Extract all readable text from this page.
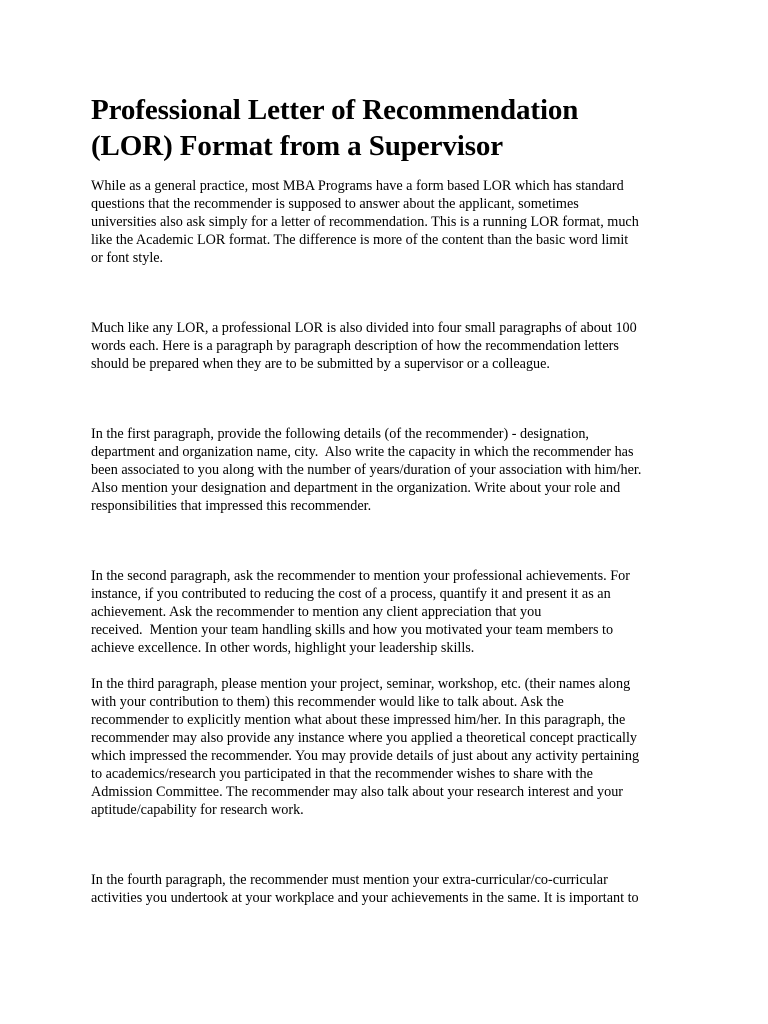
Professional Letter of Recommendation
(LOR) Format from a Supervisor

While as a general practice, most MBA Programs have a form based LOR which has standard
questions that the recommender is supposed to answer about the applicant, sometimes
universities also ask simply for a letter of recommendation. This is a running LOR format, much
like the Academic LOR format. The difference is more of the content than the basic word limit
or font style.

Much like any LOR, a professional LOR is also divided into four small paragraphs of about 100
words each. Here is a paragraph by paragraph description of how the recommendation letters
should be prepared when they are to be submitted by a supervisor or a colleague.

In the first paragraph, provide the following details (of the recommender) - designation,
department and organization name, city.  Also write the capacity in which the recommender has
been associated to you along with the number of years/duration of your association with him/her.
Also mention your designation and department in the organization. Write about your role and
responsibilities that impressed this recommender.

In the second paragraph, ask the recommender to mention your professional achievements. For
instance, if you contributed to reducing the cost of a process, quantify it and present it as an
achievement. Ask the recommender to mention any client appreciation that you
received.  Mention your team handling skills and how you motivated your team members to
achieve excellence. In other words, highlight your leadership skills.

In the third paragraph, please mention your project, seminar, workshop, etc. (their names along
with your contribution to them) this recommender would like to talk about. Ask the
recommender to explicitly mention what about these impressed him/her. In this paragraph, the
recommender may also provide any instance where you applied a theoretical concept practically
which impressed the recommender. You may provide details of just about any activity pertaining
to academics/research you participated in that the recommender wishes to share with the
Admission Committee. The recommender may also talk about your research interest and your
aptitude/capability for research work.

In the fourth paragraph, the recommender must mention your extra-curricular/co-curricular
activities you undertook at your workplace and your achievements in the same. It is important to
